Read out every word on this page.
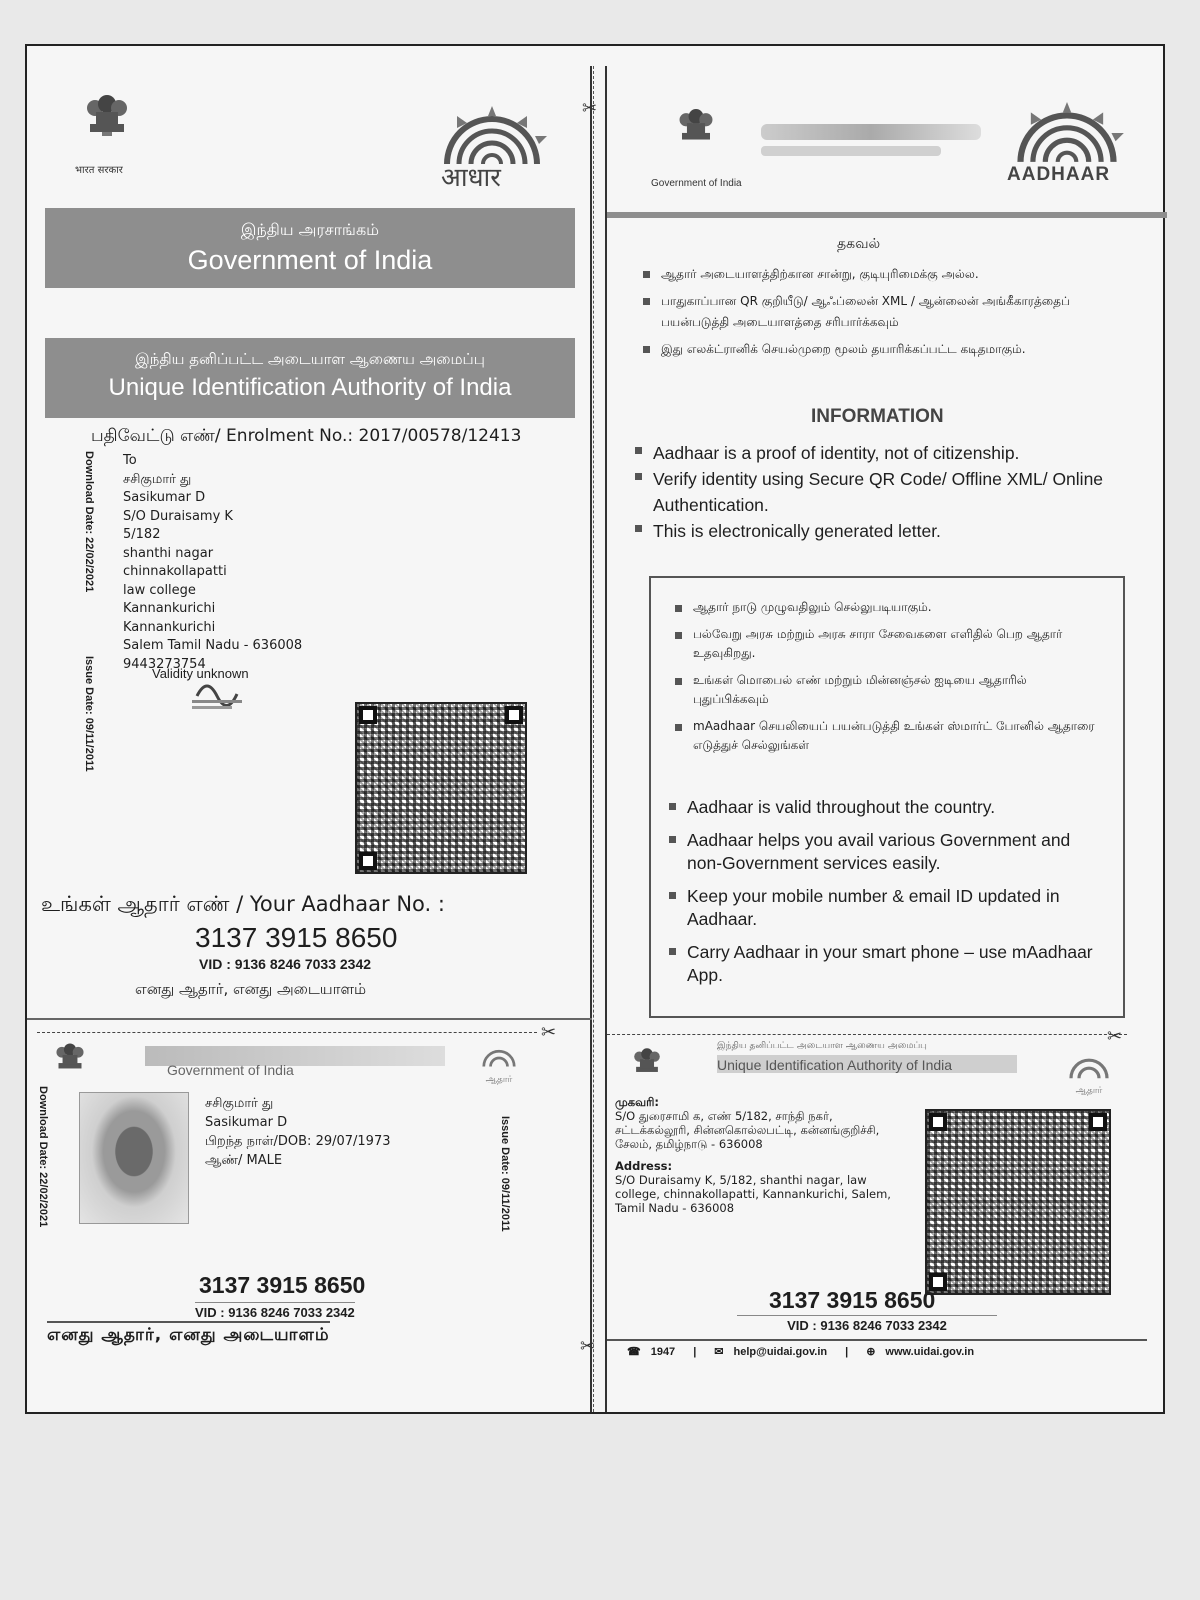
भारत सरकार	आधार
இந்திய அரசாங்கம்
Government of India
இந்திய தனிப்பட்ட அடையாள ஆணைய அமைப்பு
Unique Identification Authority of India
பதிவேட்டு எண்/ Enrolment No.: 2017/00578/12413
Download Date: 22/02/2021
Issue Date: 09/11/2011
To
சசிகுமார் து
Sasikumar D
S/O Duraisamy K
5/182
shanthi nagar
chinnakollapatti
law college
Kannankurichi
Kannankurichi
Salem Tamil Nadu - 636008
9443273754
Validity unknown
உங்கள் ஆதார் எண் / Your Aadhaar No. :
3137 3915 8650
VID : 9136 8246 7033 2342
எனது ஆதார், எனது அடையாளம்
✂
Government of India
ஆதார்
Download Date: 22/02/2021	Issue Date: 09/11/2011
சசிகுமார் து
Sasikumar D
பிறந்த நாள்/DOB: 29/07/1973
ஆண்/ MALE
3137 3915 8650
VID : 9136 8246 7033 2342
எனது ஆதார், எனது அடையாளம்
✂
✂
Government of India	AADHAAR
தகவல்
ஆதார் அடையாளத்திற்கான சான்று, குடியுரிமைக்கு அல்ல.
பாதுகாப்பான QR குறியீடு/ ஆஃப்லைன் XML / ஆன்லைன் அங்கீகாரத்தைப் பயன்படுத்தி அடையாளத்தை சரிபார்க்கவும்
இது எலக்ட்ரானிக் செயல்முறை மூலம் தயாரிக்கப்பட்ட கடிதமாகும்.
INFORMATION
Aadhaar is a proof of identity, not of citizenship.
Verify identity using Secure QR Code/ Offline XML/ Online Authentication.
This is electronically generated letter.
ஆதார் நாடு முழுவதிலும் செல்லுபடியாகும்.
பல்வேறு அரசு மற்றும் அரசு சாரா சேவைகளை எளிதில் பெற ஆதார் உதவுகிறது.
உங்கள் மொபைல் எண் மற்றும் மின்னஞ்சல் ஐடியை ஆதாரில் புதுப்பிக்கவும்
mAadhaar செயலியைப் பயன்படுத்தி உங்கள் ஸ்மார்ட் போனில் ஆதாரை எடுத்துச் செல்லுங்கள்
Aadhaar is valid throughout the country.
Aadhaar helps you avail various Government and non-Government services easily.
Keep your mobile number & email ID updated in Aadhaar.
Carry Aadhaar in your smart phone – use mAadhaar App.
✂
இந்திய தனிப்பட்ட அடையாள ஆணைய அமைப்பு
Unique Identification Authority of India
ஆதார்
முகவரி:
S/O துரைசாமி க, எண் 5/182, சாந்தி நகர், சட்டக்கல்லூரி, சின்னகொல்லபட்டி, கன்னங்குறிச்சி, சேலம், தமிழ்நாடு - 636008
Address:
S/O Duraisamy K, 5/182, shanthi nagar, law college, chinnakollapatti, Kannankurichi, Salem, Tamil Nadu - 636008
3137 3915 8650
VID : 9136 8246 7033 2342
☎ 1947 | ✉ help@uidai.gov.in | ⊕ www.uidai.gov.in
